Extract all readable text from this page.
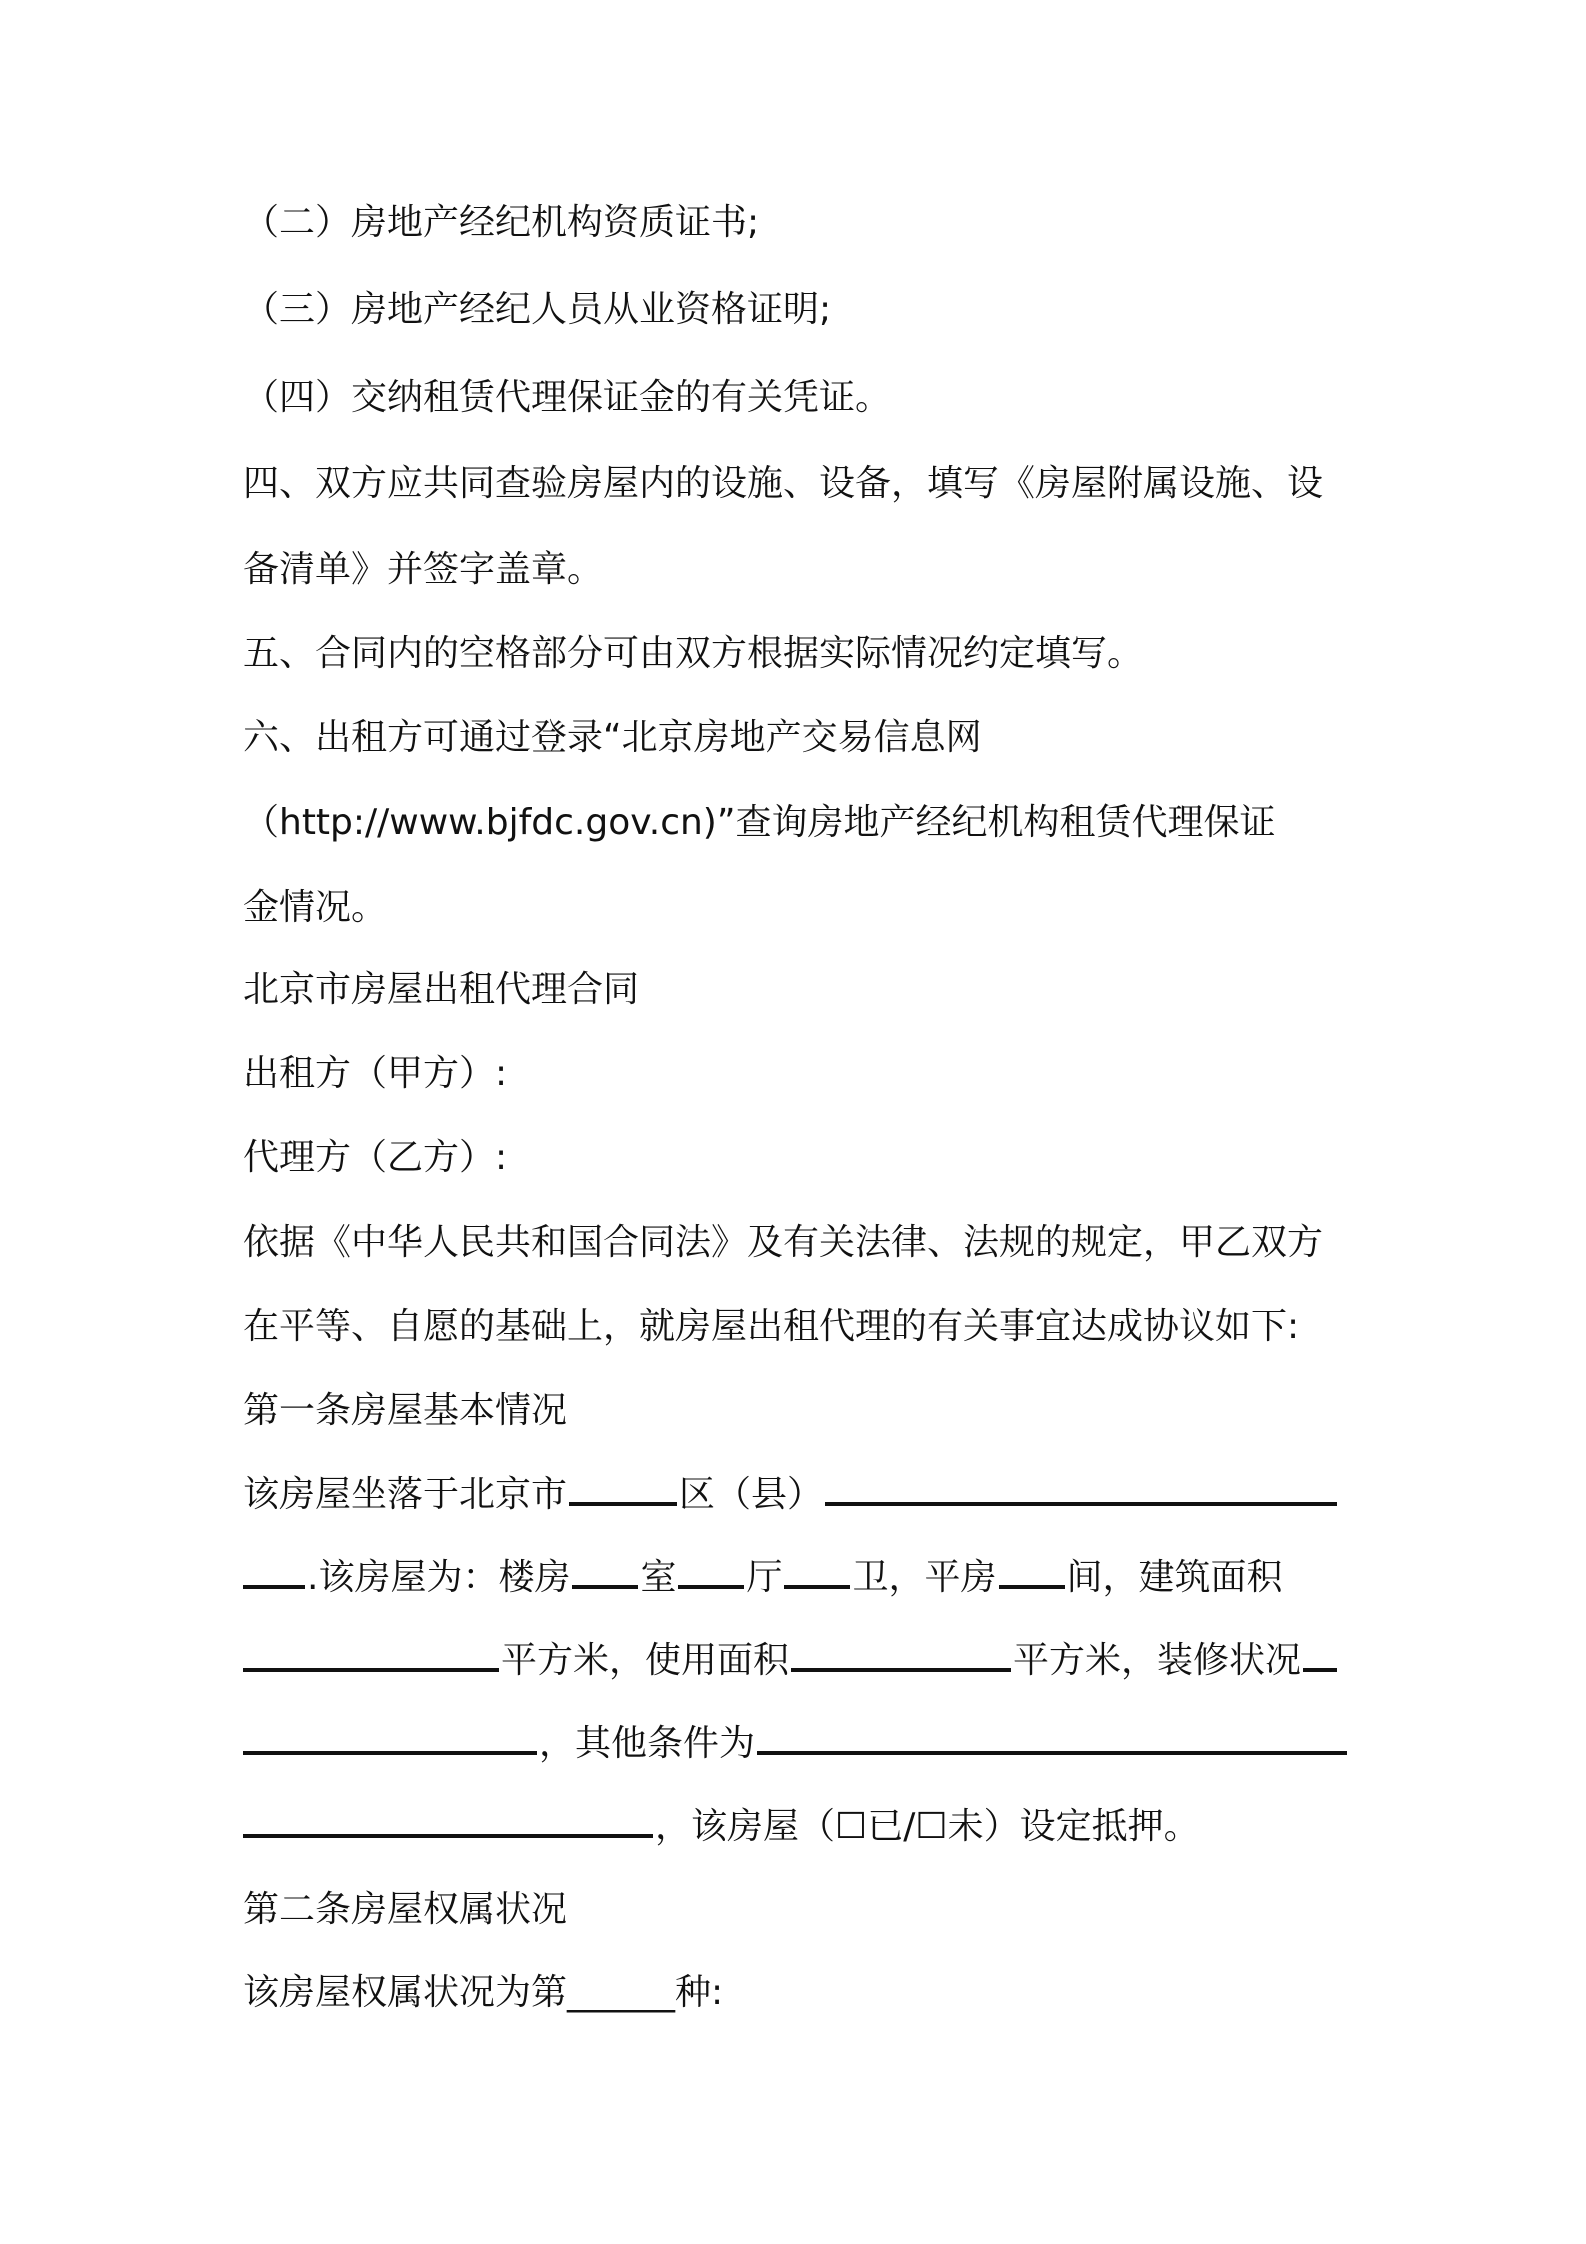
（二）房地产经纪机构资质证书;
（三）房地产经纪人员从业资格证明;
（四）交纳租赁代理保证金的有关凭证。
四、双方应共同查验房屋内的设施、设备，填写《房屋附属设施、设
备清单》并签字盖章。
五、合同内的空格部分可由双方根据实际情况约定填写。
六、出租方可通过登录“北京房地产交易信息网
（http://www.bjfdc.gov.cn)”查询房地产经纪机构租赁代理保证
金情况。
北京市房屋出租代理合同
出租方（甲方）:
代理方（乙方）:
依据《中华人民共和国合同法》及有关法律、法规的规定，甲乙双方
在平等、自愿的基础上，就房屋出租代理的有关事宜达成协议如下:
第一条房屋基本情况
该房屋坐落于北京市	区（县）
.该房屋为：楼房 室 厅 卫，平房 间，建筑面积
平方米，使用面积	平方米，装修状况
，其他条件为
，该房屋（☐已/☐未）设定抵押。
第二条房屋权属状况
该房屋权属状况为第______种:
